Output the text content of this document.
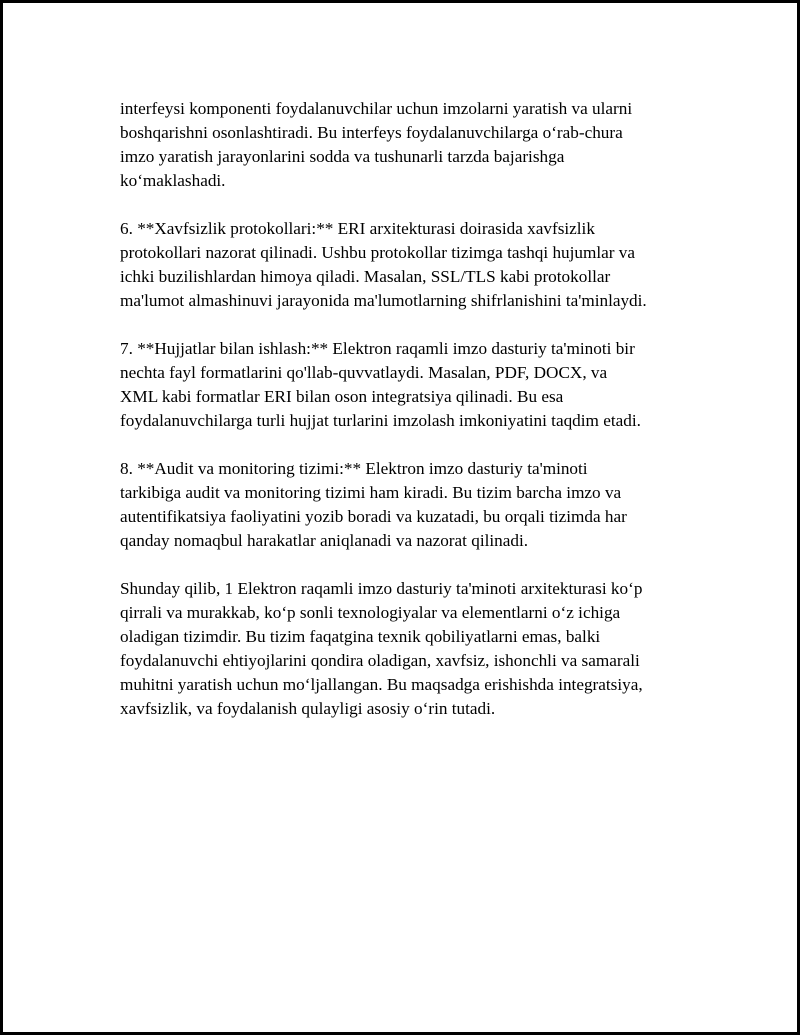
interfeysi komponenti foydalanuvchilar uchun imzolarni yaratish va ularni
boshqarishni osonlashtiradi. Bu interfeys foydalanuvchilarga o‘rab-chura
imzo yaratish jarayonlarini sodda va tushunarli tarzda bajarishga
ko‘maklashadi.

6. **Xavfsizlik protokollari:** ERI arxitekturasi doirasida xavfsizlik
protokollari nazorat qilinadi. Ushbu protokollar tizimga tashqi hujumlar va
ichki buzilishlardan himoya qiladi. Masalan, SSL/TLS kabi protokollar
ma'lumot almashinuvi jarayonida ma'lumotlarning shifrlanishini ta'minlaydi.

7. **Hujjatlar bilan ishlash:** Elektron raqamli imzo dasturiy ta'minoti bir
nechta fayl formatlarini qo'llab-quvvatlaydi. Masalan, PDF, DOCX, va
XML kabi formatlar ERI bilan oson integratsiya qilinadi. Bu esa
foydalanuvchilarga turli hujjat turlarini imzolash imkoniyatini taqdim etadi.

8. **Audit va monitoring tizimi:** Elektron imzo dasturiy ta'minoti
tarkibiga audit va monitoring tizimi ham kiradi. Bu tizim barcha imzo va
autentifikatsiya faoliyatini yozib boradi va kuzatadi, bu orqali tizimda har
qanday nomaqbul harakatlar aniqlanadi va nazorat qilinadi.

Shunday qilib, 1 Elektron raqamli imzo dasturiy ta'minoti arxitekturasi ko‘p
qirrali va murakkab, ko‘p sonli texnologiyalar va elementlarni o‘z ichiga
oladigan tizimdir. Bu tizim faqatgina texnik qobiliyatlarni emas, balki
foydalanuvchi ehtiyojlarini qondira oladigan, xavfsiz, ishonchli va samarali
muhitni yaratish uchun mo‘ljallangan. Bu maqsadga erishishda integratsiya,
xavfsizlik, va foydalanish qulayligi asosiy o‘rin tutadi.
